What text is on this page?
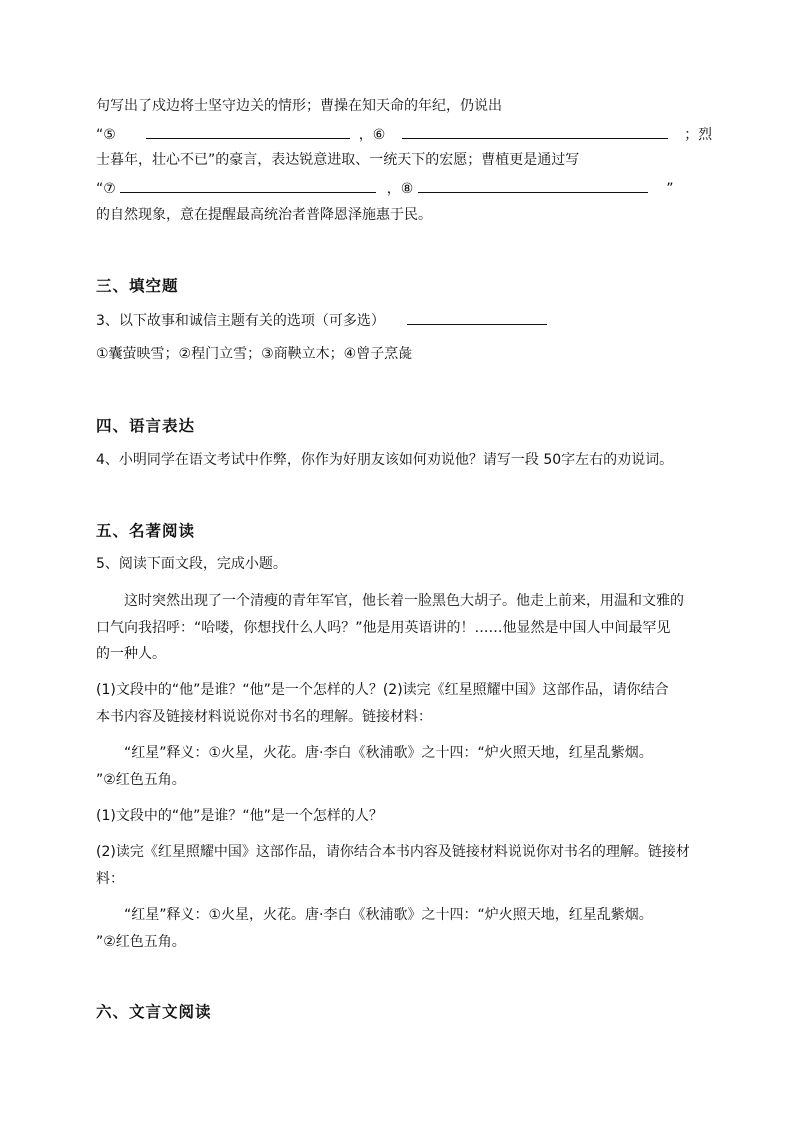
句写出了戍边将士坚守边关的情形；曹操在知天命的年纪，仍说出
“⑤	，⑥	；烈
士暮年，壮心不已”的豪言，表达锐意进取、一统天下的宏愿；曹植更是通过写
“⑦	，⑧	”
的自然现象，意在提醒最高统治者普降恩泽施惠于民。
三、填空题
3、以下故事和诚信主题有关的选项（可多选）
①囊萤映雪；②程门立雪；③商鞅立木；④曾子烹彘
四、语言表达
4、小明同学在语文考试中作弊，你作为好朋友该如何劝说他？请写一段 50字左右的劝说词。
五、名著阅读
5、阅读下面文段，完成小题。
这时突然出现了一个清瘦的青年军官，他长着一脸黑色大胡子。他走上前来，用温和文雅的
口气向我招呼：“哈喽，你想找什么人吗？”他是用英语讲的！……他显然是中国人中间最罕见
的一种人。
(1)文段中的“他”是谁？“他”是一个怎样的人？(2)读完《红星照耀中国》这部作品，请你结合
本书内容及链接材料说说你对书名的理解。链接材料：
“红星”释义：①火星，火花。唐·李白《秋浦歌》之十四：“炉火照天地，红星乱紫烟。
”②红色五角。
(1)文段中的“他”是谁？“他”是一个怎样的人？
(2)读完《红星照耀中国》这部作品，请你结合本书内容及链接材料说说你对书名的理解。链接材
料：
“红星”释义：①火星，火花。唐·李白《秋浦歌》之十四：“炉火照天地，红星乱紫烟。
”②红色五角。
六、文言文阅读
